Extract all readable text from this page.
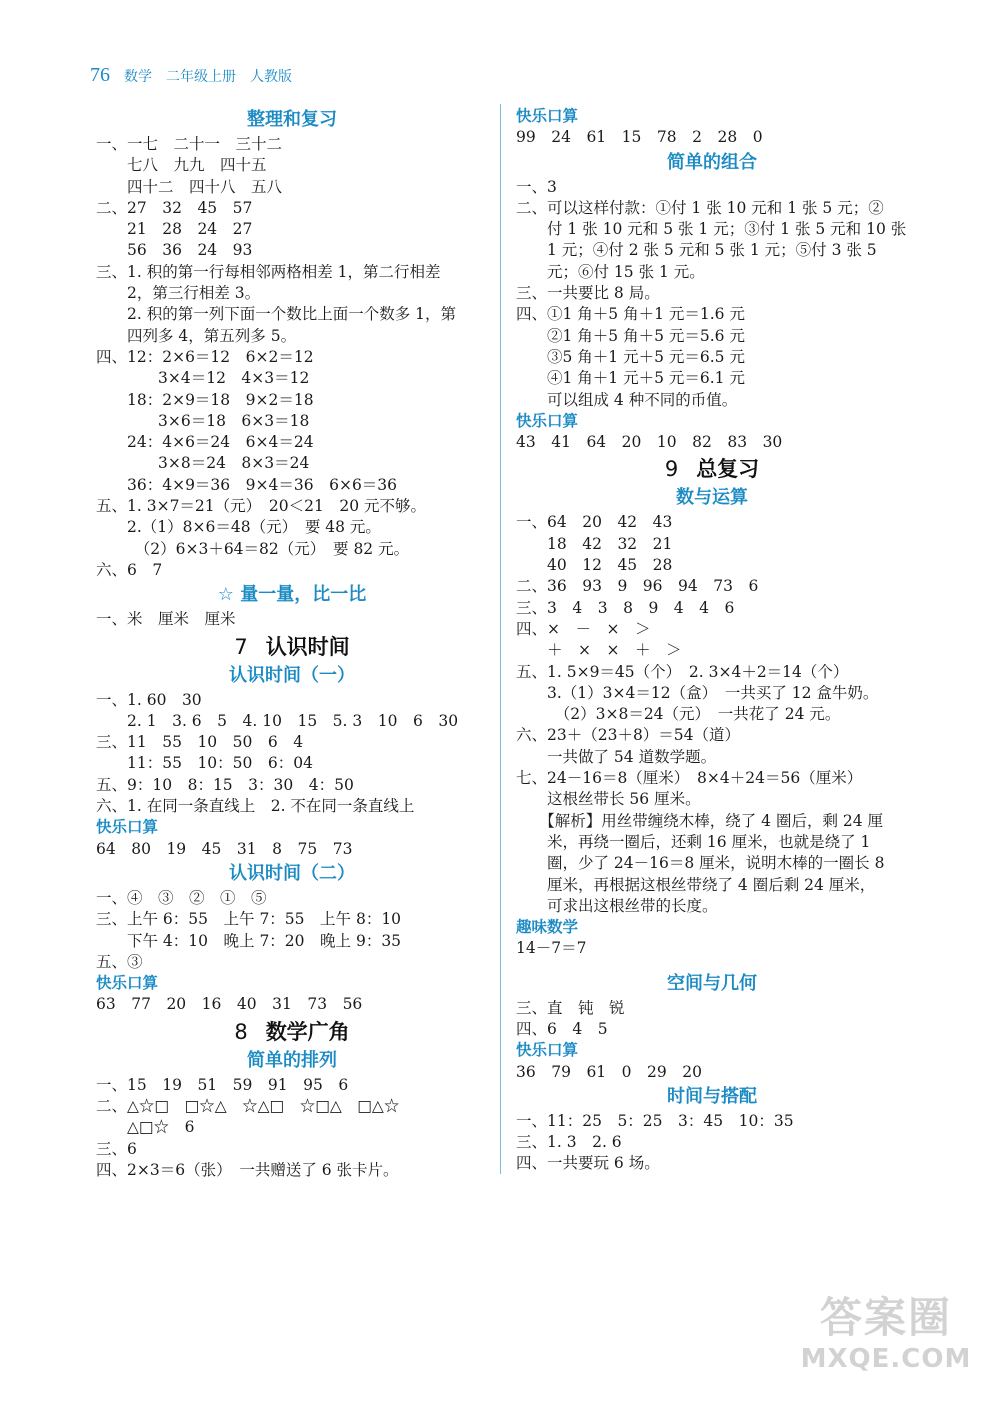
76 数学 二年级上册 人教版
整理和复习
一、一七　二十一　三十二
　　七八　九九　四十五
　　四十二　四十八　五八
二、27　32　45　57
　　21　28　24　27
　　56　36　24　93
三、1. 积的第一行每相邻两格相差 1，第二行相差
　　2，第三行相差 3。
　　2. 积的第一列下面一个数比上面一个数多 1，第
　　四列多 4，第五列多 5。
四、12：2×6＝12　6×2＝12
　　　　3×4＝12　4×3＝12
　　18：2×9＝18　9×2＝18
　　　　3×6＝18　6×3＝18
　　24：4×6＝24　6×4＝24
　　　　3×8＝24　8×3＝24
　　36：4×9＝36　9×4＝36　6×6＝36
五、1. 3×7＝21（元）　20＜21　20 元不够。
　　2.（1）8×6＝48（元）　要 48 元。
　　　（2）6×3＋64＝82（元）　要 82 元。
六、6　7
☆ 量一量，比一比
一、米　厘米　厘米
7 认识时间
认识时间（一）
一、1. 60　30
　　2. 1　3. 6　5　4. 10　15　5. 3　10　6　30
三、11　55　10　50　6　4
　　11：55　10：50　6：04
五、9：10　8：15　3：30　4：50
六、1. 在同一条直线上　2. 不在同一条直线上
快乐口算
64　80　19　45　31　8　75　73
认识时间（二）
一、④　③　②　①　⑤
三、上午 6：55　上午 7：55　上午 8：10
　　下午 4：10　晚上 7：20　晚上 9：35
五、③
快乐口算
63　77　20　16　40　31　73　56
8 数学广角
简单的排列
一、15　19　51　59　91　95　6
二、△☆□　□☆△　☆△□　☆□△　□△☆
　　△□☆　6
三、6
四、2×3＝6（张）　一共赠送了 6 张卡片。
快乐口算
99　24　61　15　78　2　28　0
简单的组合
一、3
二、可以这样付款：①付 1 张 10 元和 1 张 5 元；②
　　付 1 张 10 元和 5 张 1 元；③付 1 张 5 元和 10 张
　　1 元；④付 2 张 5 元和 5 张 1 元；⑤付 3 张 5
　　元；⑥付 15 张 1 元。
三、一共要比 8 局。
四、①1 角＋5 角＋1 元＝1.6 元
　　②1 角＋5 角＋5 元＝5.6 元
　　③5 角＋1 元＋5 元＝6.5 元
　　④1 角＋1 元＋5 元＝6.1 元
　　可以组成 4 种不同的币值。
快乐口算
43　41　64　20　10　82　83　30
9 总复习
数与运算
一、64　20　42　43
　　18　42　32　21
　　40　12　45　28
二、36　93　9　96　94　73　6
三、3　4　3　8　9　4　4　6
四、×　－　×　＞
　　＋　×　×　＋　＞
五、1. 5×9＝45（个）　2. 3×4＋2＝14（个）
　　3.（1）3×4＝12（盒）　一共买了 12 盒牛奶。
　　　（2）3×8＝24（元）　一共花了 24 元。
六、23＋（23＋8）＝54（道）
　　一共做了 54 道数学题。
七、24－16＝8（厘米）　8×4＋24＝56（厘米）
　　这根丝带长 56 厘米。
　　【解析】用丝带缠绕木棒，绕了 4 圈后，剩 24 厘
　　米，再绕一圈后，还剩 16 厘米，也就是绕了 1
　　圈，少了 24－16＝8 厘米，说明木棒的一圈长 8
　　厘米，再根据这根丝带绕了 4 圈后剩 24 厘米，
　　可求出这根丝带的长度。
趣味数学
14－7＝7
空间与几何
三、直　钝　锐
四、6　4　5
快乐口算
36　79　61　0　29　20
时间与搭配
一、11：25　5：25　3：45　10：35
三、1. 3　2. 6
四、一共要玩 6 场。
答案圈
MXQE.COM
